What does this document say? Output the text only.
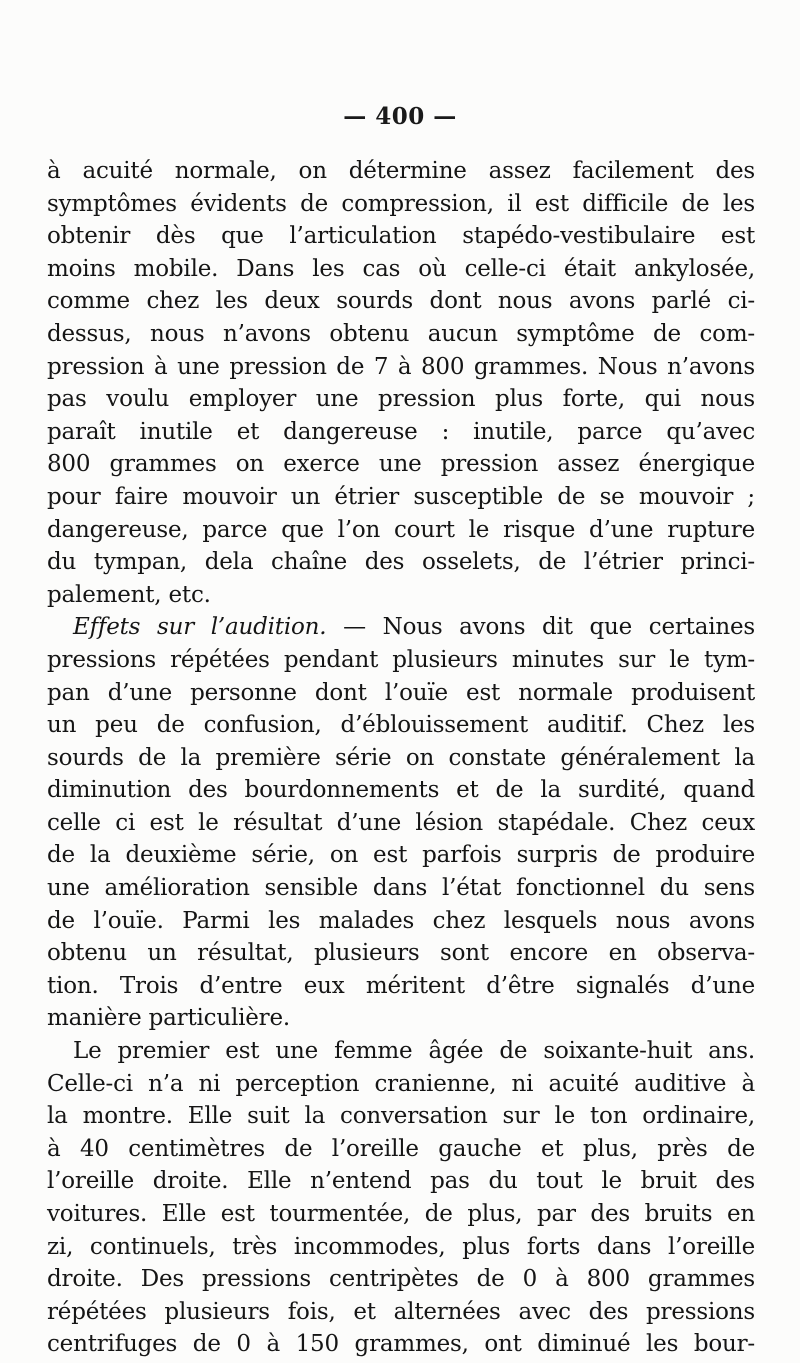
— 400 —
à acuité normale, on détermine assez facilement des
symptômes évidents de compression, il est difficile de les
obtenir dès que l’articulation stapédo-vestibulaire est
moins mobile. Dans les cas où celle-ci était ankylosée,
comme chez les deux sourds dont nous avons parlé ci-
dessus, nous n’avons obtenu aucun symptôme de com-
pression à une pression de 7 à 800 grammes. Nous n’avons
pas voulu employer une pression plus forte, qui nous
paraît inutile et dangereuse : inutile, parce qu’avec
800 grammes on exerce une pression assez énergique
pour faire mouvoir un étrier susceptible de se mouvoir ;
dangereuse, parce que l’on court le risque d’une rupture
du tympan, dela chaîne des osselets, de l’étrier princi-
palement, etc.
Effets sur l’audition. — Nous avons dit que certaines
pressions répétées pendant plusieurs minutes sur le tym-
pan d’une personne dont l’ouïe est normale produisent
un peu de confusion, d’éblouissement auditif. Chez les
sourds de la première série on constate généralement la
diminution des bourdonnements et de la surdité, quand
celle ci est le résultat d’une lésion stapédale. Chez ceux
de la deuxième série, on est parfois surpris de produire
une amélioration sensible dans l’état fonctionnel du sens
de l’ouïe. Parmi les malades chez lesquels nous avons
obtenu un résultat, plusieurs sont encore en observa-
tion. Trois d’entre eux méritent d’être signalés d’une
manière particulière.
Le premier est une femme âgée de soixante-huit ans.
Celle-ci n’a ni perception cranienne, ni acuité auditive à
la montre. Elle suit la conversation sur le ton ordinaire,
à 40 centimètres de l’oreille gauche et plus, près de
l’oreille droite. Elle n’entend pas du tout le bruit des
voitures. Elle est tourmentée, de plus, par des bruits en
zi, continuels, très incommodes, plus forts dans l’oreille
droite. Des pressions centripètes de 0 à 800 grammes
répétées plusieurs fois, et alternées avec des pressions
centrifuges de 0 à 150 grammes, ont diminué les bour-
